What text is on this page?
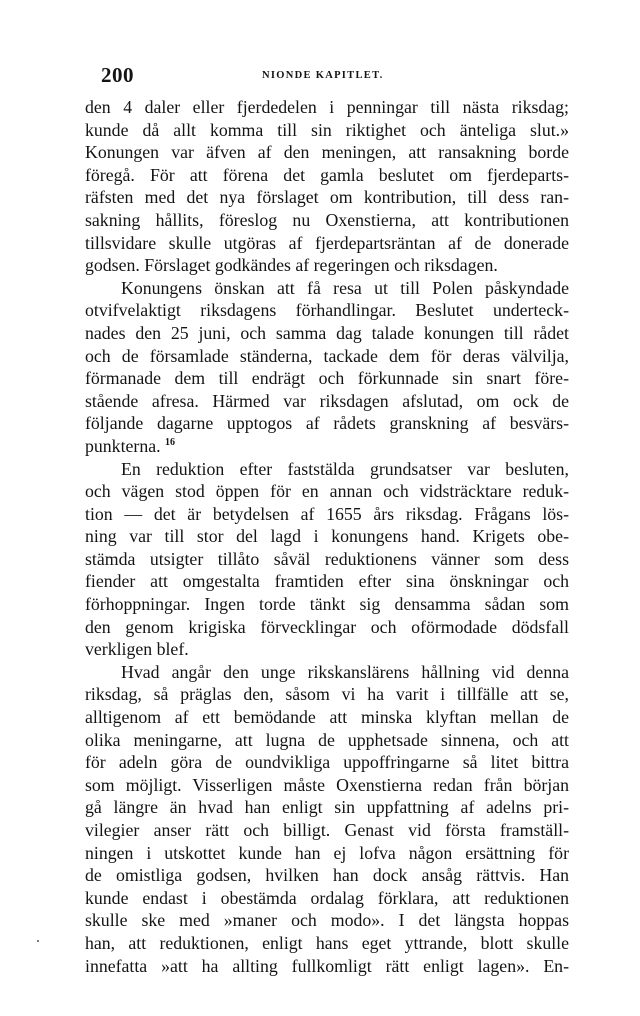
200	NIONDE KAPITLET.
den 4 daler eller fjerdedelen i penningar till nästa riksdag;
kunde då allt komma till sin riktighet och änteliga slut.»
Konungen var äfven af den meningen, att ransakning borde
föregå. För att förena det gamla beslutet om fjerdeparts-
räfsten med det nya förslaget om kontribution, till dess ran-
sakning hållits, föreslog nu Oxenstierna, att kontributionen
tillsvidare skulle utgöras af fjerdepartsräntan af de donerade
godsen. Förslaget godkändes af regeringen och riksdagen.
Konungens önskan att få resa ut till Polen påskyndade
otvifvelaktigt riksdagens förhandlingar. Beslutet underteck-
nades den 25 juni, och samma dag talade konungen till rådet
och de församlade ständerna, tackade dem för deras välvilja,
förmanade dem till endrägt och förkunnade sin snart före-
stående afresa. Härmed var riksdagen afslutad, om ock de
följande dagarne upptogos af rådets granskning af besvärs-
punkterna. $^{16}$
En reduktion efter faststälda grundsatser var besluten,
och vägen stod öppen för en annan och vidsträcktare reduk-
tion — det är betydelsen af 1655 års riksdag. Frågans lös-
ning var till stor del lagd i konungens hand. Krigets obe-
stämda utsigter tillåto såväl reduktionens vänner som dess
fiender att omgestalta framtiden efter sina önskningar och
förhoppningar. Ingen torde tänkt sig densamma sådan som
den genom krigiska förvecklingar och oförmodade dödsfall
verkligen blef.
Hvad angår den unge rikskanslärens hållning vid denna
riksdag, så präglas den, såsom vi ha varit i tillfälle att se,
alltigenom af ett bemödande att minska klyftan mellan de
olika meningarne, att lugna de upphetsade sinnena, och att
för adeln göra de oundvikliga uppoffringarne så litet bittra
som möjligt. Visserligen måste Oxenstierna redan från början
gå längre än hvad han enligt sin uppfattning af adelns pri-
vilegier anser rätt och billigt. Genast vid första framställ-
ningen i utskottet kunde han ej lofva någon ersättning för
de omistliga godsen, hvilken han dock ansåg rättvis. Han
kunde endast i obestämda ordalag förklara, att reduktionen
skulle ske med »maner och modo». I det längsta hoppas
han, att reduktionen, enligt hans eget yttrande, blott skulle
innefatta »att ha allting fullkomligt rätt enligt lagen». En-
